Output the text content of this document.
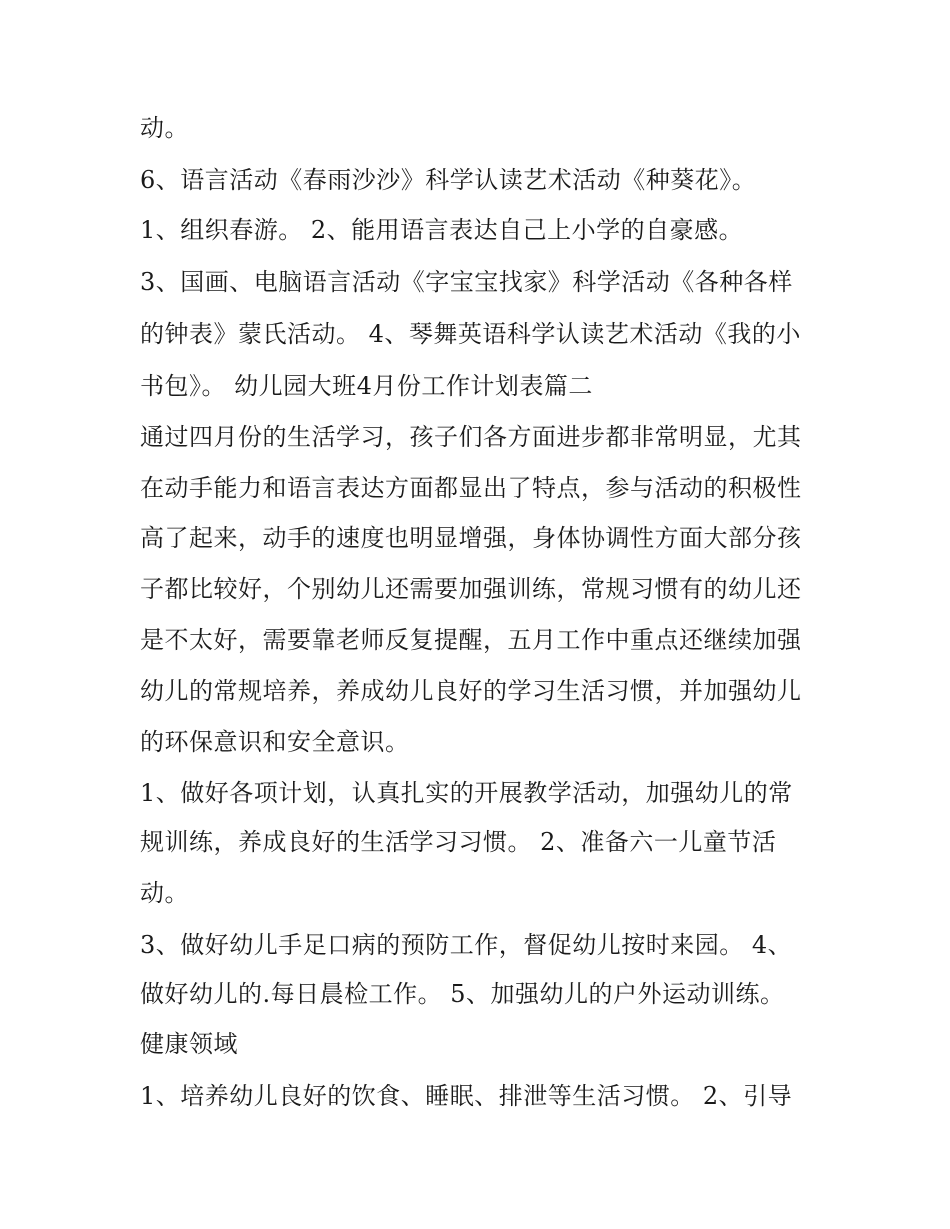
动。
6、语言活动《春雨沙沙》科学认读艺术活动《种葵花》。
1、组织春游。 2、能用语言表达自己上小学的自豪感。
3、国画、电脑语言活动《字宝宝找家》科学活动《各种各样
的钟表》蒙氏活动。 4、琴舞英语科学认读艺术活动《我的小
书包》。 幼儿园大班4月份工作计划表篇二
通过四月份的生活学习，孩子们各方面进步都非常明显，尤其
在动手能力和语言表达方面都显出了特点，参与活动的积极性
高了起来，动手的速度也明显增强，身体协调性方面大部分孩
子都比较好，个别幼儿还需要加强训练，常规习惯有的幼儿还
是不太好，需要靠老师反复提醒，五月工作中重点还继续加强
幼儿的常规培养，养成幼儿良好的学习生活习惯，并加强幼儿
的环保意识和安全意识。
1、做好各项计划，认真扎实的开展教学活动，加强幼儿的常
规训练，养成良好的生活学习习惯。 2、准备六一儿童节活
动。
3、做好幼儿手足口病的预防工作，督促幼儿按时来园。 4、
做好幼儿的.每日晨检工作。 5、加强幼儿的户外运动训练。
健康领域
1、培养幼儿良好的饮食、睡眠、排泄等生活习惯。 2、引导
